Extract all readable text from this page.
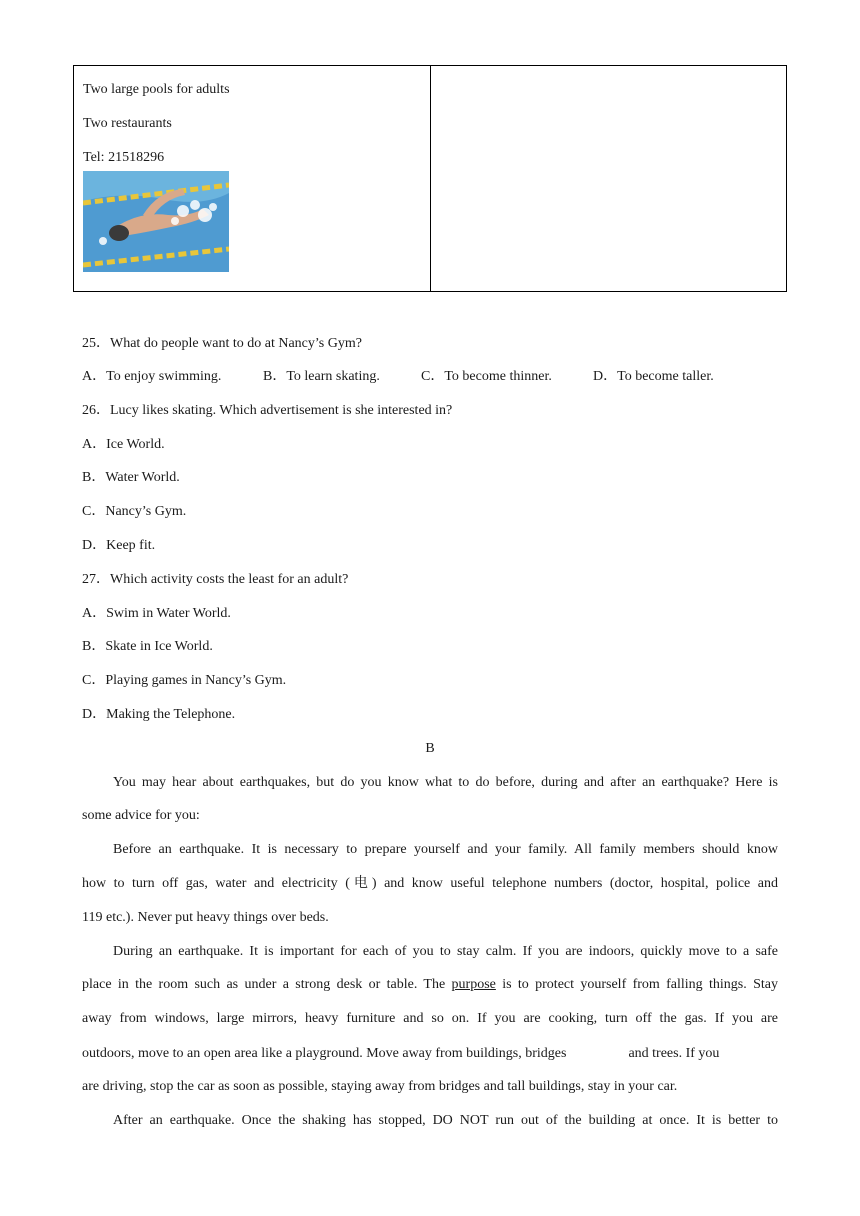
Two large pools for adults
Two restaurants
Tel: 21518296

25．What do people want to do at Nancy’s Gym?
A．To enjoy swimming.	B．To learn skating.	C．To become thinner.	D．To become taller.
26．Lucy likes skating. Which advertisement is she interested in?
A．Ice World.
B．Water World.
C．Nancy’s Gym.
D．Keep fit.
27．Which activity costs the least for an adult?
A．Swim in Water World.
B．Skate in Ice World.
C．Playing games in Nancy’s Gym.
D．Making the Telephone.
B
You may hear about earthquakes, but do you know what to do before, during and after an earthquake? Here is
some advice for you:
Before an earthquake. It is necessary to prepare yourself and your family. All family members should know
how to turn off gas, water and electricity (电) and know useful telephone numbers (doctor, hospital, police and
119 etc.). Never put heavy things over beds.
During an earthquake. It is important for each of you to stay calm. If you are indoors, quickly move to a safe
place in the room such as under a strong desk or table. The purpose is to protect yourself from falling things. Stay
away from windows, large mirrors, heavy furniture and so on. If you are cooking, turn off the gas. If you are
outdoors, move to an open area like a playground. Move away from buildings, bridges	and trees. If you
are driving, stop the car as soon as possible, staying away from bridges and tall buildings, stay in your car.
After an earthquake. Once the shaking has stopped, DO NOT run out of the building at once. It is better to
